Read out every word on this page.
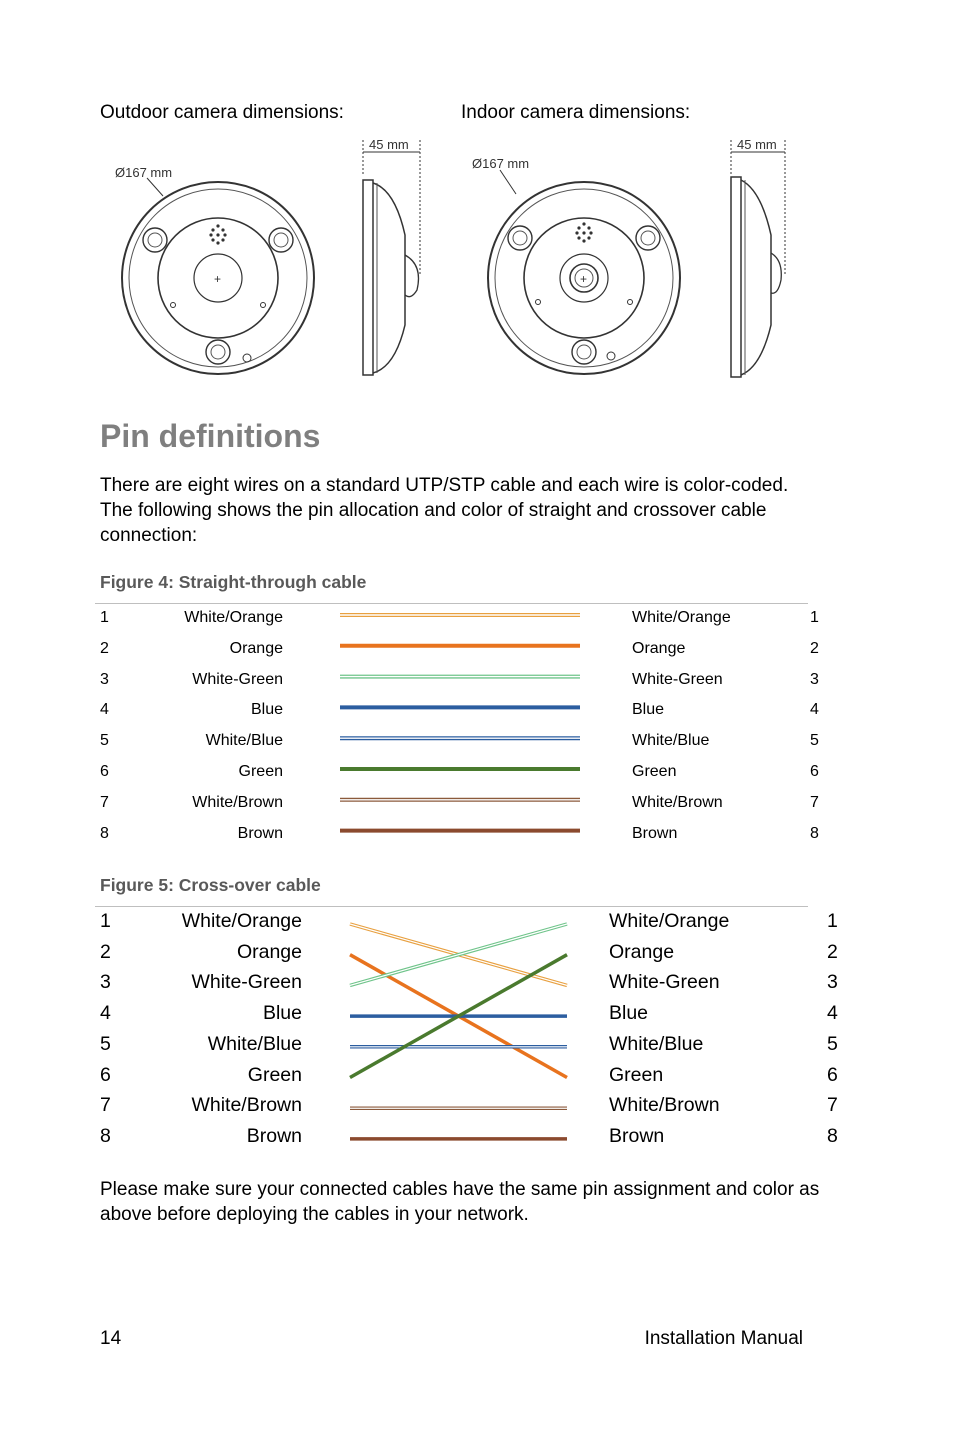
Outdoor camera dimensions:	Indoor camera dimensions:
Ø167 mm
+
45 mm
Ø167 mm
+
45 mm
Pin definitions

There are eight wires on a standard UTP/STP cable and each wire is color-coded. The following shows the pin allocation and color of straight and crossover cable connection:

Figure 4: Straight-through cable
1	White/Orange	White/Orange	1
2	Orange	Orange	2
3	White-Green	White-Green	3
4	Blue	Blue	4
5	White/Blue	White/Blue	5
6	Green	Green	6
7	White/Brown	White/Brown	7
8	Brown	Brown	8
Figure 5: Cross-over cable
1	White/Orange	White/Orange	1
2	Orange	Orange	2
3	White-Green	White-Green	3
4	Blue	Blue	4
5	White/Blue	White/Blue	5
6	Green	Green	6
7	White/Brown	White/Brown	7
8	Brown	Brown	8

Please make sure your connected cables have the same pin assignment and color as above before deploying the cables in your network.

14	Installation Manual
